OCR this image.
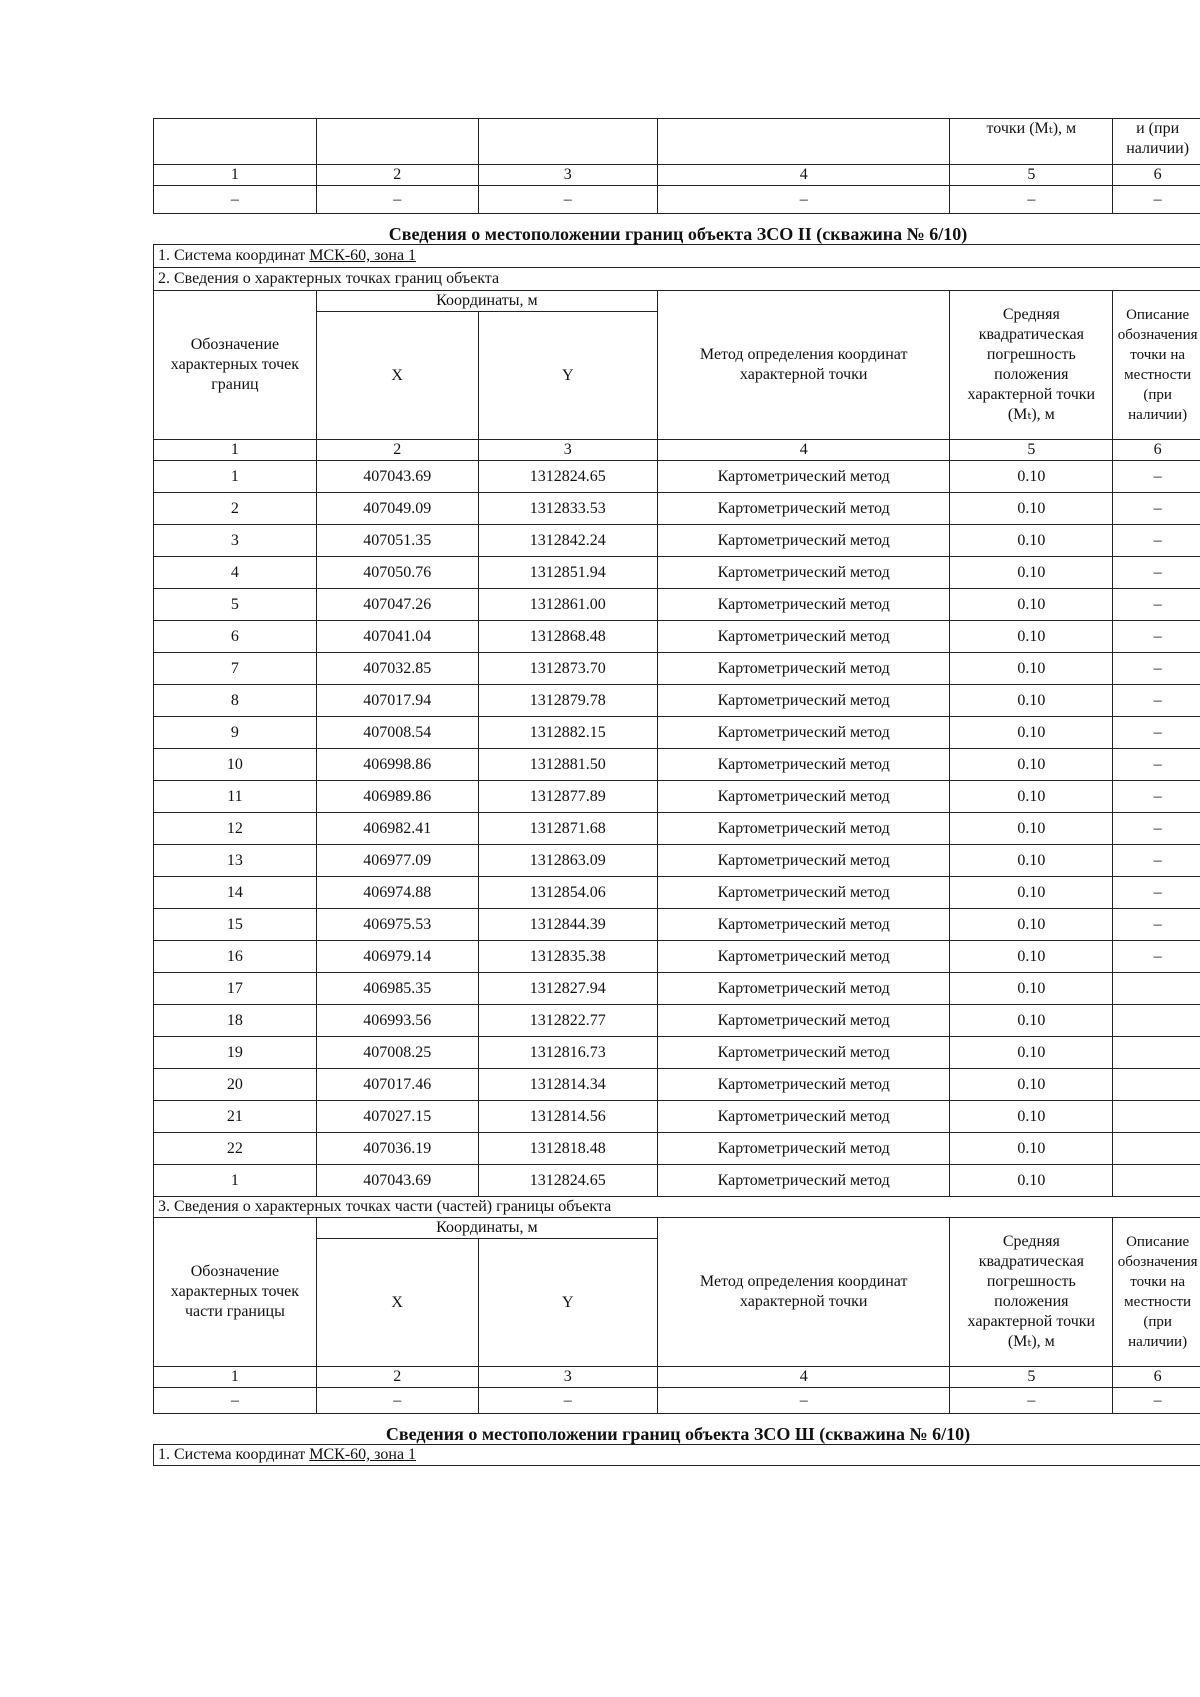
				точки (Mₜ), м	и (при наличии)
1	2	3	4	5	6
–	–	–	–	–	–
Сведения о местоположении границ объекта ЗСО II (скважина № 6/10)					
1. Система координат МСК-60, зона 1					
2. Сведения о характерных точках границ объекта					
Обозначение характерных точек границ	Координаты, м		Метод определения координат характерной точки	Средняя квадратическая погрешность положения характерной точки (Mₜ), м	Описание обозначения точки на местности (при наличии)
	X	Y			
1	2	3	4	5	6
1	407043.69	1312824.65	Картометрический метод	0.10	–
2	407049.09	1312833.53	Картометрический метод	0.10	–
3	407051.35	1312842.24	Картометрический метод	0.10	–
4	407050.76	1312851.94	Картометрический метод	0.10	–
5	407047.26	1312861.00	Картометрический метод	0.10	–
6	407041.04	1312868.48	Картометрический метод	0.10	–
7	407032.85	1312873.70	Картометрический метод	0.10	–
8	407017.94	1312879.78	Картометрический метод	0.10	–
9	407008.54	1312882.15	Картометрический метод	0.10	–
10	406998.86	1312881.50	Картометрический метод	0.10	–
11	406989.86	1312877.89	Картометрический метод	0.10	–
12	406982.41	1312871.68	Картометрический метод	0.10	–
13	406977.09	1312863.09	Картометрический метод	0.10	–
14	406974.88	1312854.06	Картометрический метод	0.10	–
15	406975.53	1312844.39	Картометрический метод	0.10	–
16	406979.14	1312835.38	Картометрический метод	0.10	–
17	406985.35	1312827.94	Картометрический метод	0.10	
18	406993.56	1312822.77	Картометрический метод	0.10	
19	407008.25	1312816.73	Картометрический метод	0.10	
20	407017.46	1312814.34	Картометрический метод	0.10	
21	407027.15	1312814.56	Картометрический метод	0.10	
22	407036.19	1312818.48	Картометрический метод	0.10	
1	407043.69	1312824.65	Картометрический метод	0.10	
3. Сведения о характерных точках части (частей) границы объекта					
Обозначение характерных точек части границы	Координаты, м		Метод определения координат характерной точки	Средняя квадратическая погрешность положения характерной точки (Mₜ), м	Описание обозначения точки на местности (при наличии)
	X	Y			
1	2	3	4	5	6
–	–	–	–	–	–
Сведения о местоположении границ объекта ЗСО Ш (скважина № 6/10)					
1. Система координат МСК-60, зона 1					
